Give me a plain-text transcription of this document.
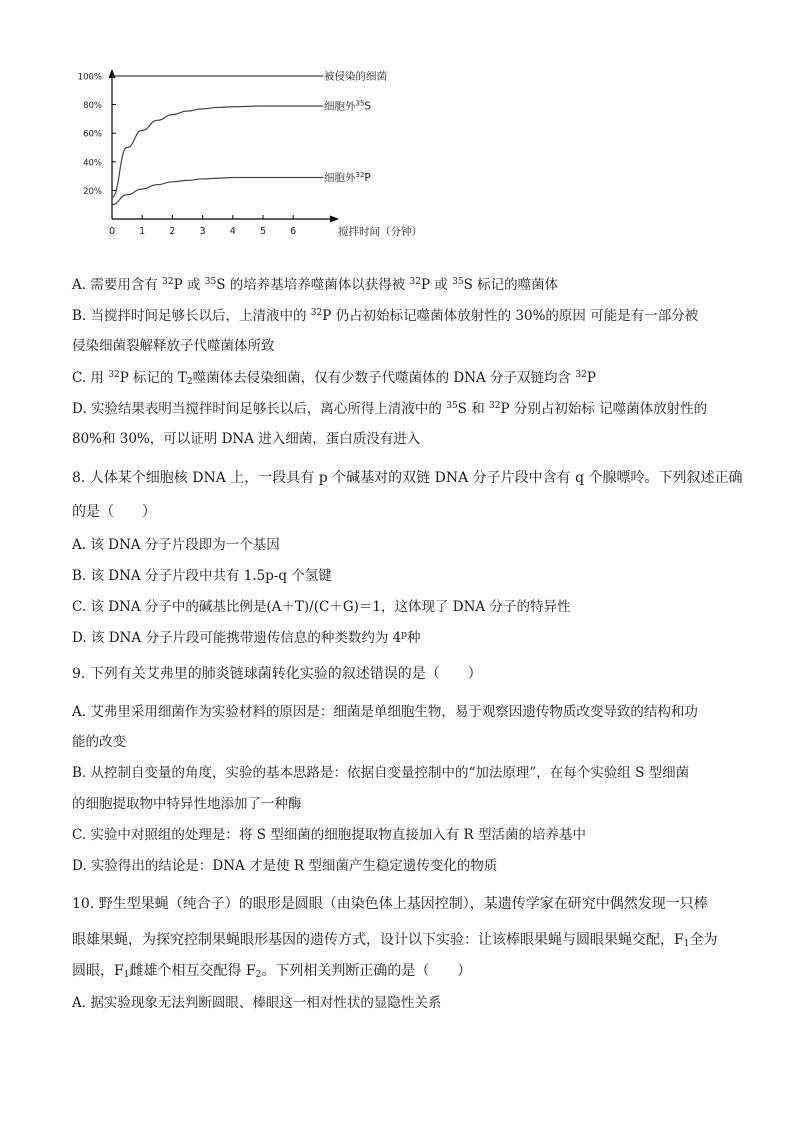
0	1	2	3	4	5	6
20%
40%
60%
80%
100%
搅拌时间（分钟）
被侵染的细菌
细胞外$^{35}$S
细胞外$^{32}$P
A. 需要用含有 $^{32}$P 或 $^{35}$S 的培养基培养噬菌体以获得被 $^{32}$P 或 $^{35}$S 标记的噬菌体
B. 当搅拌时间足够长以后，上清液中的 $^{32}$P 仍占初始标记噬菌体放射性的 30%的原因 可能是有一部分被
侵染细菌裂解释放子代噬菌体所致
C. 用 $^{32}$P 标记的 $T_2$噬菌体去侵染细菌，仅有少数子代噬菌体的 DNA 分子双链均含 $^{32}$P
D. 实验结果表明当搅拌时间足够长以后，离心所得上清液中的 $^{35}$S 和 $^{32}$P 分别占初始标 记噬菌体放射性的
80%和 30%，可以证明 DNA 进入细菌，蛋白质没有进入
8. 人体某个细胞核 DNA 上，一段具有 p 个碱基对的双链 DNA 分子片段中含有 q 个腺嘌呤。下列叙述正确
的是（　　）
A. 该 DNA 分子片段即为一个基因
B. 该 DNA 分子片段中共有 1.5p-q 个氢键
C. 该 DNA 分子中的碱基比例是(A＋T)/(C＋G)＝1，这体现了 DNA 分子的特异性
D. 该 DNA 分子片段可能携带遗传信息的种类数约为 4$^p$种
9. 下列有关艾弗里的肺炎链球菌转化实验的叙述错误的是（　　）
A. 艾弗里采用细菌作为实验材料的原因是：细菌是单细胞生物，易于观察因遗传物质改变导致的结构和功
能的改变
B. 从控制自变量的角度，实验的基本思路是：依据自变量控制中的“加法原理”，在每个实验组 S 型细菌
的细胞提取物中特异性地添加了一种酶
C. 实验中对照组的处理是：将 S 型细菌的细胞提取物直接加入有 R 型活菌的培养基中
D. 实验得出的结论是：DNA 才是使 R 型细菌产生稳定遗传变化的物质
10. 野生型果蝇（纯合子）的眼形是圆眼（由染色体上基因控制），某遗传学家在研究中偶然发现一只棒
眼雄果蝇，为探究控制果蝇眼形基因的遗传方式，设计以下实验：让该棒眼果蝇与圆眼果蝇交配，$F_1$全为
圆眼，$F_1$雌雄个相互交配得 $F_2$。下列相关判断正确的是（　　）
A. 据实验现象无法判断圆眼、棒眼这一相对性状的显隐性关系
